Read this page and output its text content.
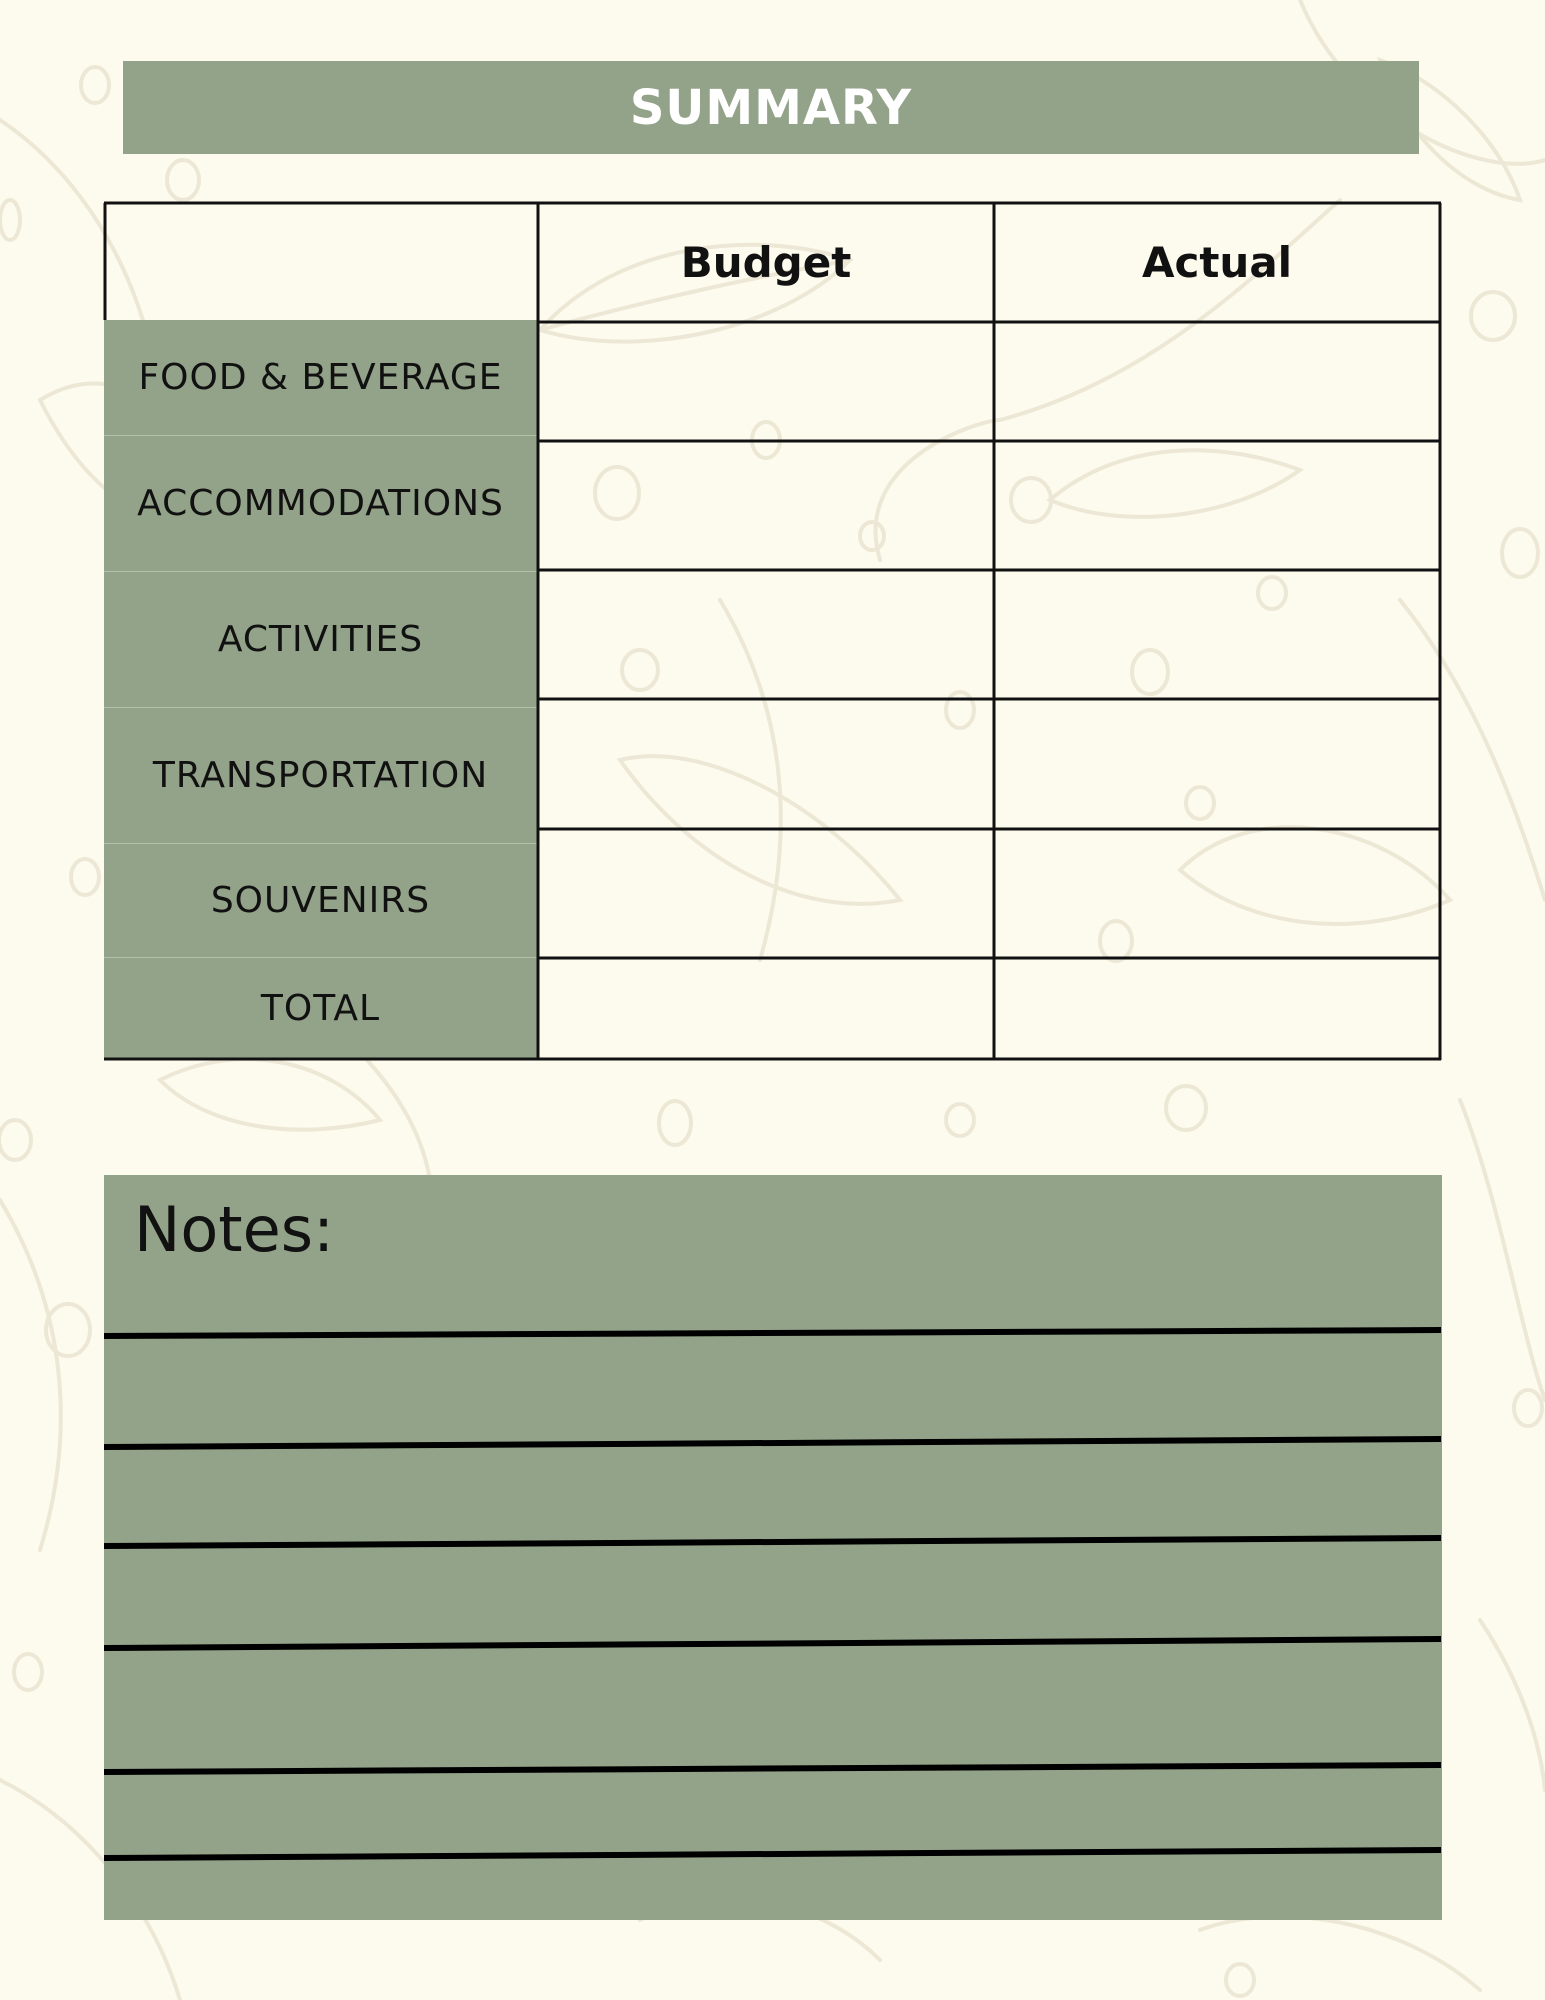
SUMMARY
FOOD & BEVERAGE
ACCOMMODATIONS
ACTIVITIES
TRANSPORTATION
SOUVENIRS
TOTAL
Budget	Actual
Notes:
